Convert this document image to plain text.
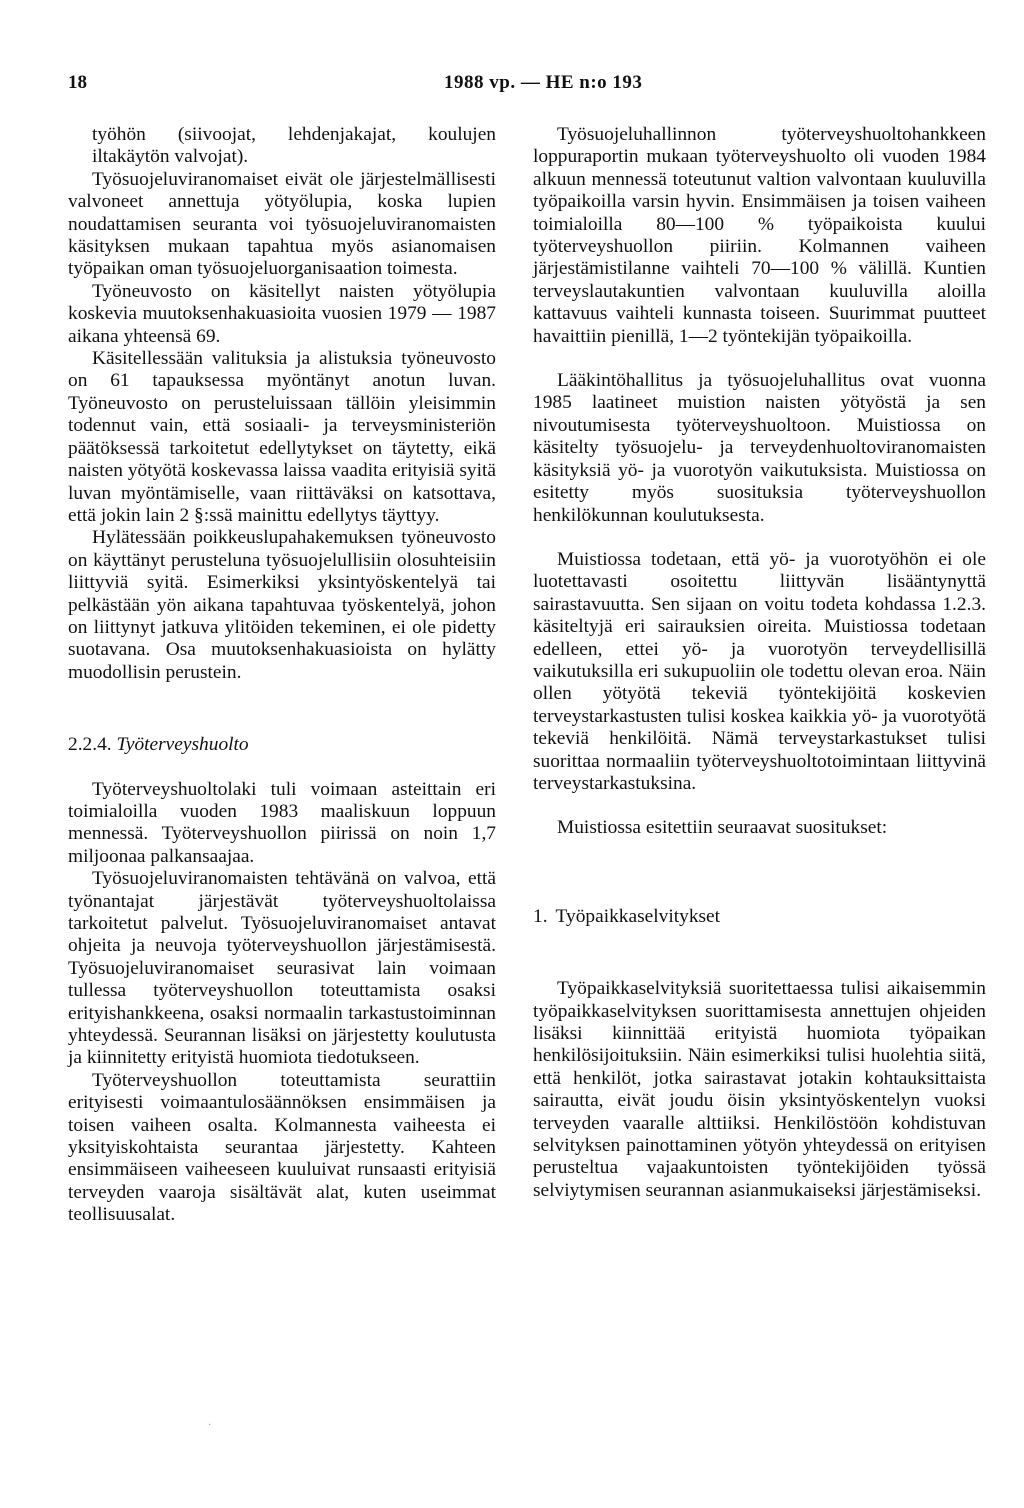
18	1988 vp. — HE n:o 193

työhön (siivoojat, lehdenjakajat, koulujen iltakäytön valvojat).

Työsuojeluviranomaiset eivät ole järjestelmällisesti valvoneet annettuja yötyölupia, koska lupien noudattamisen seuranta voi työsuojeluviranomaisten käsityksen mukaan tapahtua myös asianomaisen työpaikan oman työsuojeluorganisaation toimesta.

Työneuvosto on käsitellyt naisten yötyölupia koskevia muutoksenhakuasioita vuosien 1979 — 1987 aikana yhteensä 69.

Käsitellessään valituksia ja alistuksia työneuvosto on 61 tapauksessa myöntänyt anotun luvan. Työneuvosto on perusteluissaan tällöin yleisimmin todennut vain, että sosiaali- ja terveysministeriön päätöksessä tarkoitetut edellytykset on täytetty, eikä naisten yötyötä koskevassa laissa vaadita erityisiä syitä luvan myöntämiselle, vaan riittäväksi on katsottava, että jokin lain 2 §:ssä mainittu edellytys täyttyy.

Hylätessään poikkeuslupahakemuksen työneuvosto on käyttänyt perusteluna työsuojelullisiin olosuhteisiin liittyviä syitä. Esimerkiksi yksintyöskentelyä tai pelkästään yön aikana tapahtuvaa työskentelyä, johon on liittynyt jatkuva ylitöiden tekeminen, ei ole pidetty suotavana. Osa muutoksenhakuasioista on hylätty muodollisin perustein.

2.2.4. Työterveyshuolto

Työterveyshuoltolaki tuli voimaan asteittain eri toimialoilla vuoden 1983 maaliskuun loppuun mennessä. Työterveyshuollon piirissä on noin 1,7 miljoonaa palkansaajaa.

Työsuojeluviranomaisten tehtävänä on valvoa, että työnantajat järjestävät työterveyshuoltolaissa tarkoitetut palvelut. Työsuojeluviranomaiset antavat ohjeita ja neuvoja työterveyshuollon järjestämisestä. Työsuojeluviranomaiset seurasivat lain voimaan tullessa työterveyshuollon toteuttamista osaksi erityishankkeena, osaksi normaalin tarkastustoiminnan yhteydessä. Seurannan lisäksi on järjestetty koulutusta ja kiinnitetty erityistä huomiota tiedotukseen.

Työterveyshuollon toteuttamista seurattiin erityisesti voimaantulosäännöksen ensimmäisen ja toisen vaiheen osalta. Kolmannesta vaiheesta ei yksityiskohtaista seurantaa järjestetty. Kahteen ensimmäiseen vaiheeseen kuuluivat runsaasti erityisiä terveyden vaaroja sisältävät alat, kuten useimmat teollisuusalat.

Työsuojeluhallinnon työterveyshuoltohankkeen loppuraportin mukaan työterveyshuolto oli vuoden 1984 alkuun mennessä toteutunut valtion valvontaan kuuluvilla työpaikoilla varsin hyvin. Ensimmäisen ja toisen vaiheen toimialoilla 80—100 % työpaikoista kuului työterveyshuollon piiriin. Kolmannen vaiheen järjestämistilanne vaihteli 70—100 % välillä. Kuntien terveyslautakuntien valvontaan kuuluvilla aloilla kattavuus vaihteli kunnasta toiseen. Suurimmat puutteet havaittiin pienillä, 1—2 työntekijän työpaikoilla.

Lääkintöhallitus ja työsuojeluhallitus ovat vuonna 1985 laatineet muistion naisten yötyöstä ja sen nivoutumisesta työterveyshuoltoon. Muistiossa on käsitelty työsuojelu- ja terveydenhuoltoviranomaisten käsityksiä yö- ja vuorotyön vaikutuksista. Muistiossa on esitetty myös suosituksia työterveyshuollon henkilökunnan koulutuksesta.

Muistiossa todetaan, että yö- ja vuorotyöhön ei ole luotettavasti osoitettu liittyvän lisääntynyttä sairastavuutta. Sen sijaan on voitu todeta kohdassa 1.2.3. käsiteltyjä eri sairauksien oireita. Muistiossa todetaan edelleen, ettei yö- ja vuorotyön terveydellisillä vaikutuksilla eri sukupuoliin ole todettu olevan eroa. Näin ollen yötyötä tekeviä työntekijöitä koskevien terveystarkastusten tulisi koskea kaikkia yö- ja vuorotyötä tekeviä henkilöitä. Nämä terveystarkastukset tulisi suorittaa normaaliin työterveyshuoltotoimintaan liittyvinä terveystarkastuksina.

Muistiossa esitettiin seuraavat suositukset:

1. Työpaikkaselvitykset

Työpaikkaselvityksiä suoritettaessa tulisi aikaisemmin työpaikkaselvityksen suorittamisesta annettujen ohjeiden lisäksi kiinnittää erityistä huomiota työpaikan henkilösijoituksiin. Näin esimerkiksi tulisi huolehtia siitä, että henkilöt, jotka sairastavat jotakin kohtauksittaista sairautta, eivät joudu öisin yksintyöskentelyn vuoksi terveyden vaaralle alttiiksi. Henkilöstöön kohdistuvan selvityksen painottaminen yötyön yhteydessä on erityisen perusteltua vajaakuntoisten työntekijöiden työssä selviytymisen seurannan asianmukaiseksi järjestämiseksi.

·
